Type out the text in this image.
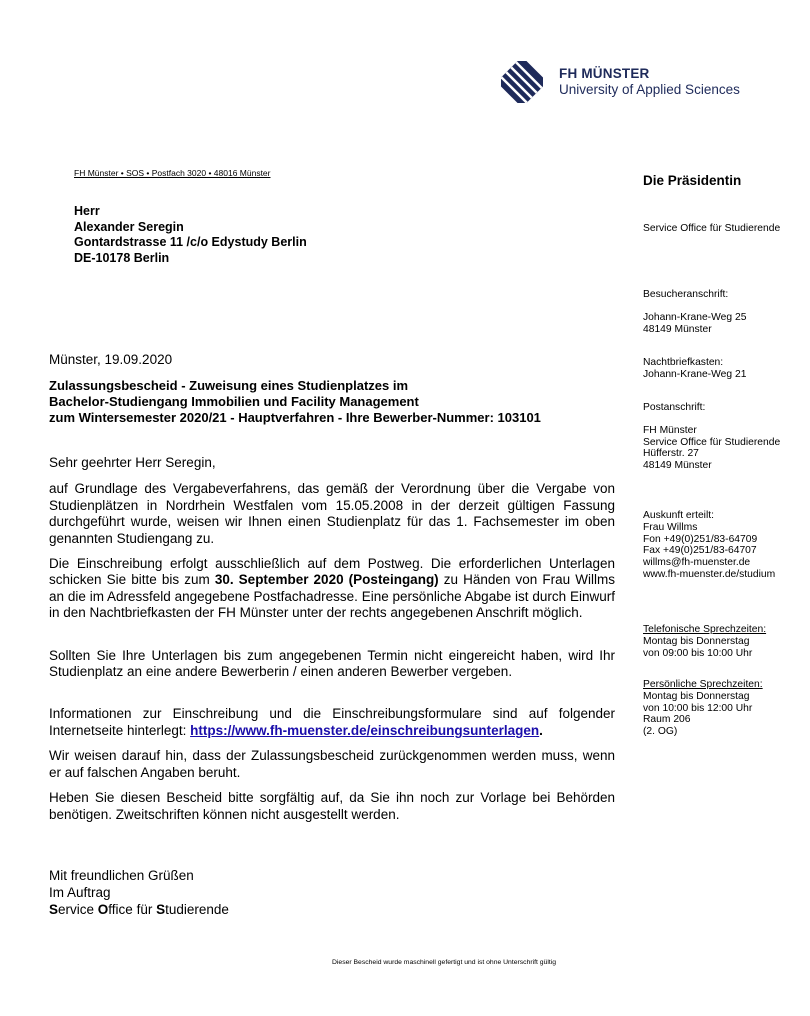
FH MÜNSTER
University of Applied Sciences
FH Münster • SOS • Postfach 3020 • 48016 Münster
Herr
Alexander Seregin
Gontardstrasse 11 /c/o Edystudy Berlin
DE-10178 Berlin
Die Präsidentin
Service Office für Studierende
Besucheranschrift:
Johann-Krane-Weg 25
48149 Münster
Nachtbriefkasten:
Johann-Krane-Weg 21
Postanschrift:
FH Münster
Service Office für Studierende
Hüfferstr. 27
48149 Münster
Auskunft erteilt:
Frau Willms
Fon +49(0)251/83-64709
Fax +49(0)251/83-64707
willms@fh-muenster.de
www.fh-muenster.de/studium
Telefonische Sprechzeiten:
Montag bis Donnerstag
von 09:00 bis 10:00 Uhr
Persönliche Sprechzeiten:
Montag bis Donnerstag
von 10:00 bis 12:00 Uhr
Raum 206
(2. OG)
Münster, 19.09.2020
Zulassungsbescheid - Zuweisung eines Studienplatzes im
Bachelor-Studiengang Immobilien und Facility Management
zum Wintersemester 2020/21 - Hauptverfahren - Ihre Bewerber-Nummer: 103101

Sehr geehrter Herr Seregin,

auf Grundlage des Vergabeverfahrens, das gemäß der Verordnung über die Vergabe von Studienplätzen in Nordrhein Westfalen vom 15.05.2008 in der derzeit gültigen Fassung durchgeführt wurde, weisen wir Ihnen einen Studienplatz für das 1. Fachsemester im oben genannten Studiengang zu.

Die Einschreibung erfolgt ausschließlich auf dem Postweg. Die erforderlichen Unterlagen schicken Sie bitte bis zum 30. September 2020 (Posteingang) zu Händen von Frau Willms an die im Adressfeld angegebene Postfachadresse. Eine persönliche Abgabe ist durch Einwurf in den Nachtbriefkasten der FH Münster unter der rechts angegebenen Anschrift möglich.

Sollten Sie Ihre Unterlagen bis zum angegebenen Termin nicht eingereicht haben, wird Ihr Studienplatz an eine andere Bewerberin / einen anderen Bewerber vergeben.

Informationen zur Einschreibung und die Einschreibungsformulare sind auf folgender Internetseite hinterlegt: https://www.fh-muenster.de/einschreibungsunterlagen.

Wir weisen darauf hin, dass der Zulassungsbescheid zurückgenommen werden muss, wenn er auf falschen Angaben beruht.

Heben Sie diesen Bescheid bitte sorgfältig auf, da Sie ihn noch zur Vorlage bei Behörden benötigen. Zweitschriften können nicht ausgestellt werden.

Mit freundlichen Grüßen
Im Auftrag
Service Office für Studierende
Dieser Bescheid wurde maschinell gefertigt und ist ohne Unterschrift gültig
